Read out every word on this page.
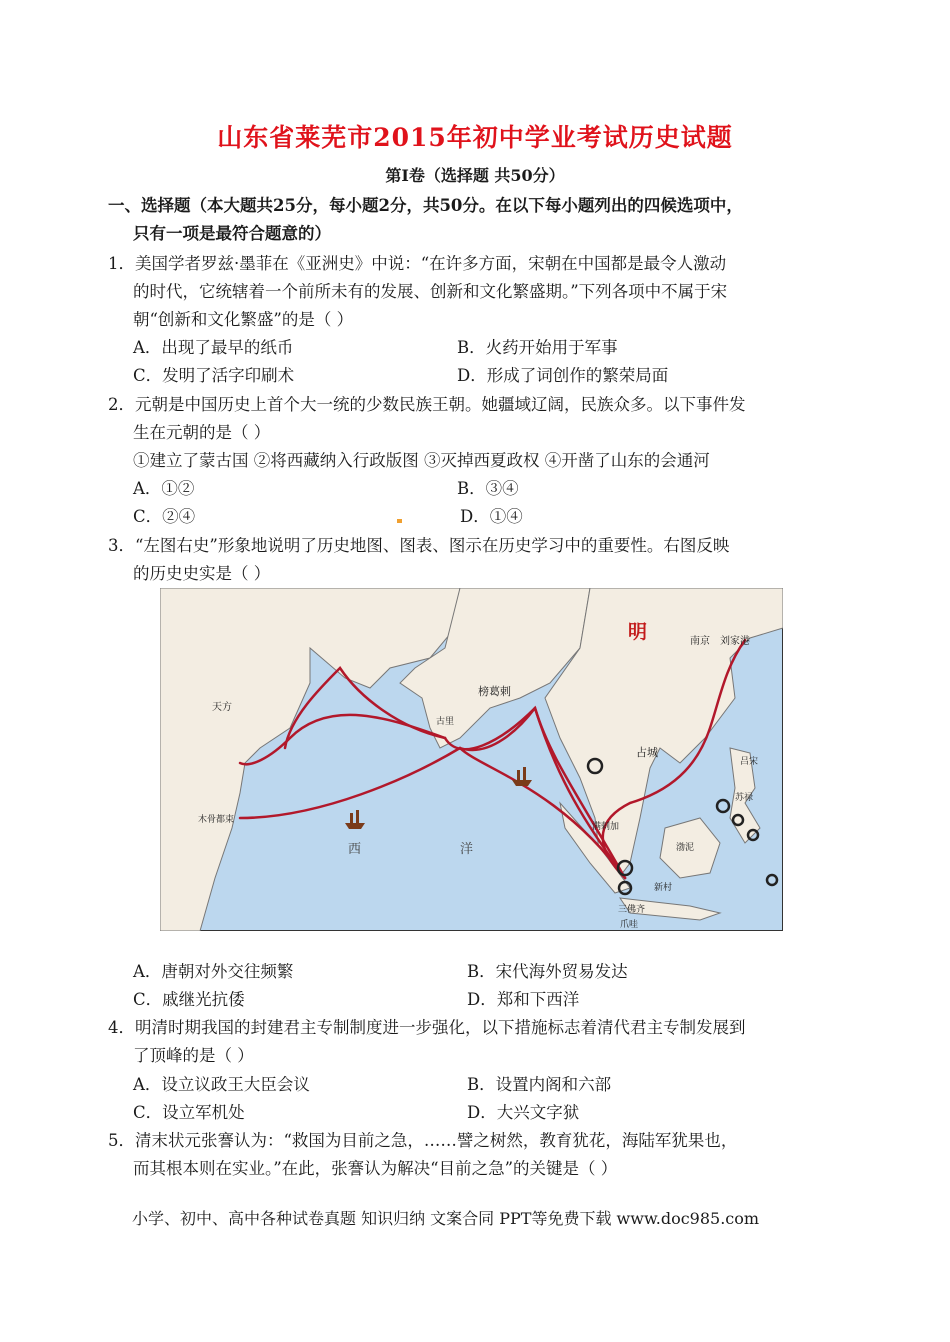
山东省莱芜市2015年初中学业考试历史试题
第I卷（选择题 共50分）
一、选择题（本大题共25分，每小题2分，共50分。在以下每小题列出的四候选项中，
只有一项是最符合题意的）
1．美国学者罗兹·墨菲在《亚洲史》中说：“在许多方面，宋朝在中国都是最令人激动
的时代，它统辖着一个前所未有的发展、创新和文化繁盛期。”下列各项中不属于宋
朝“创新和文化繁盛”的是（ ）
A．出现了最早的纸币	B．火药开始用于军事
C．发明了活字印刷术	D．形成了词创作的繁荣局面
2．元朝是中国历史上首个大一统的少数民族王朝。她疆域辽阔，民族众多。以下事件发
生在元朝的是（ ）
①建立了蒙古国 ②将西藏纳入行政版图 ③灭掉西夏政权 ④开凿了山东的会通河
A．①②	B．③④
C．②④	D．①④
3．“左图右史”形象地说明了历史地图、图表、图示在历史学习中的重要性。右图反映
的历史史实是（ ）
明	南京 刘家港
天方
榜葛剌
古里
占城
吕宋
苏禄
木骨都束
满剌加
渤泥
三佛齐
新村
爪哇
西	洋
A．唐朝对外交往频繁	B．宋代海外贸易发达
C．戚继光抗倭	D．郑和下西洋
4．明清时期我国的封建君主专制制度进一步强化，以下措施标志着清代君主专制发展到
了顶峰的是（ ）
A．设立议政王大臣会议	B．设置内阁和六部
C．设立军机处	D．大兴文字狱
5．清末状元张謇认为：“救国为目前之急，……譬之树然，教育犹花，海陆军犹果也，
而其根本则在实业。”在此，张謇认为解决“目前之急”的关键是（ ）
小学、初中、高中各种试卷真题 知识归纳 文案合同 PPT等免费下载 www.doc985.com
